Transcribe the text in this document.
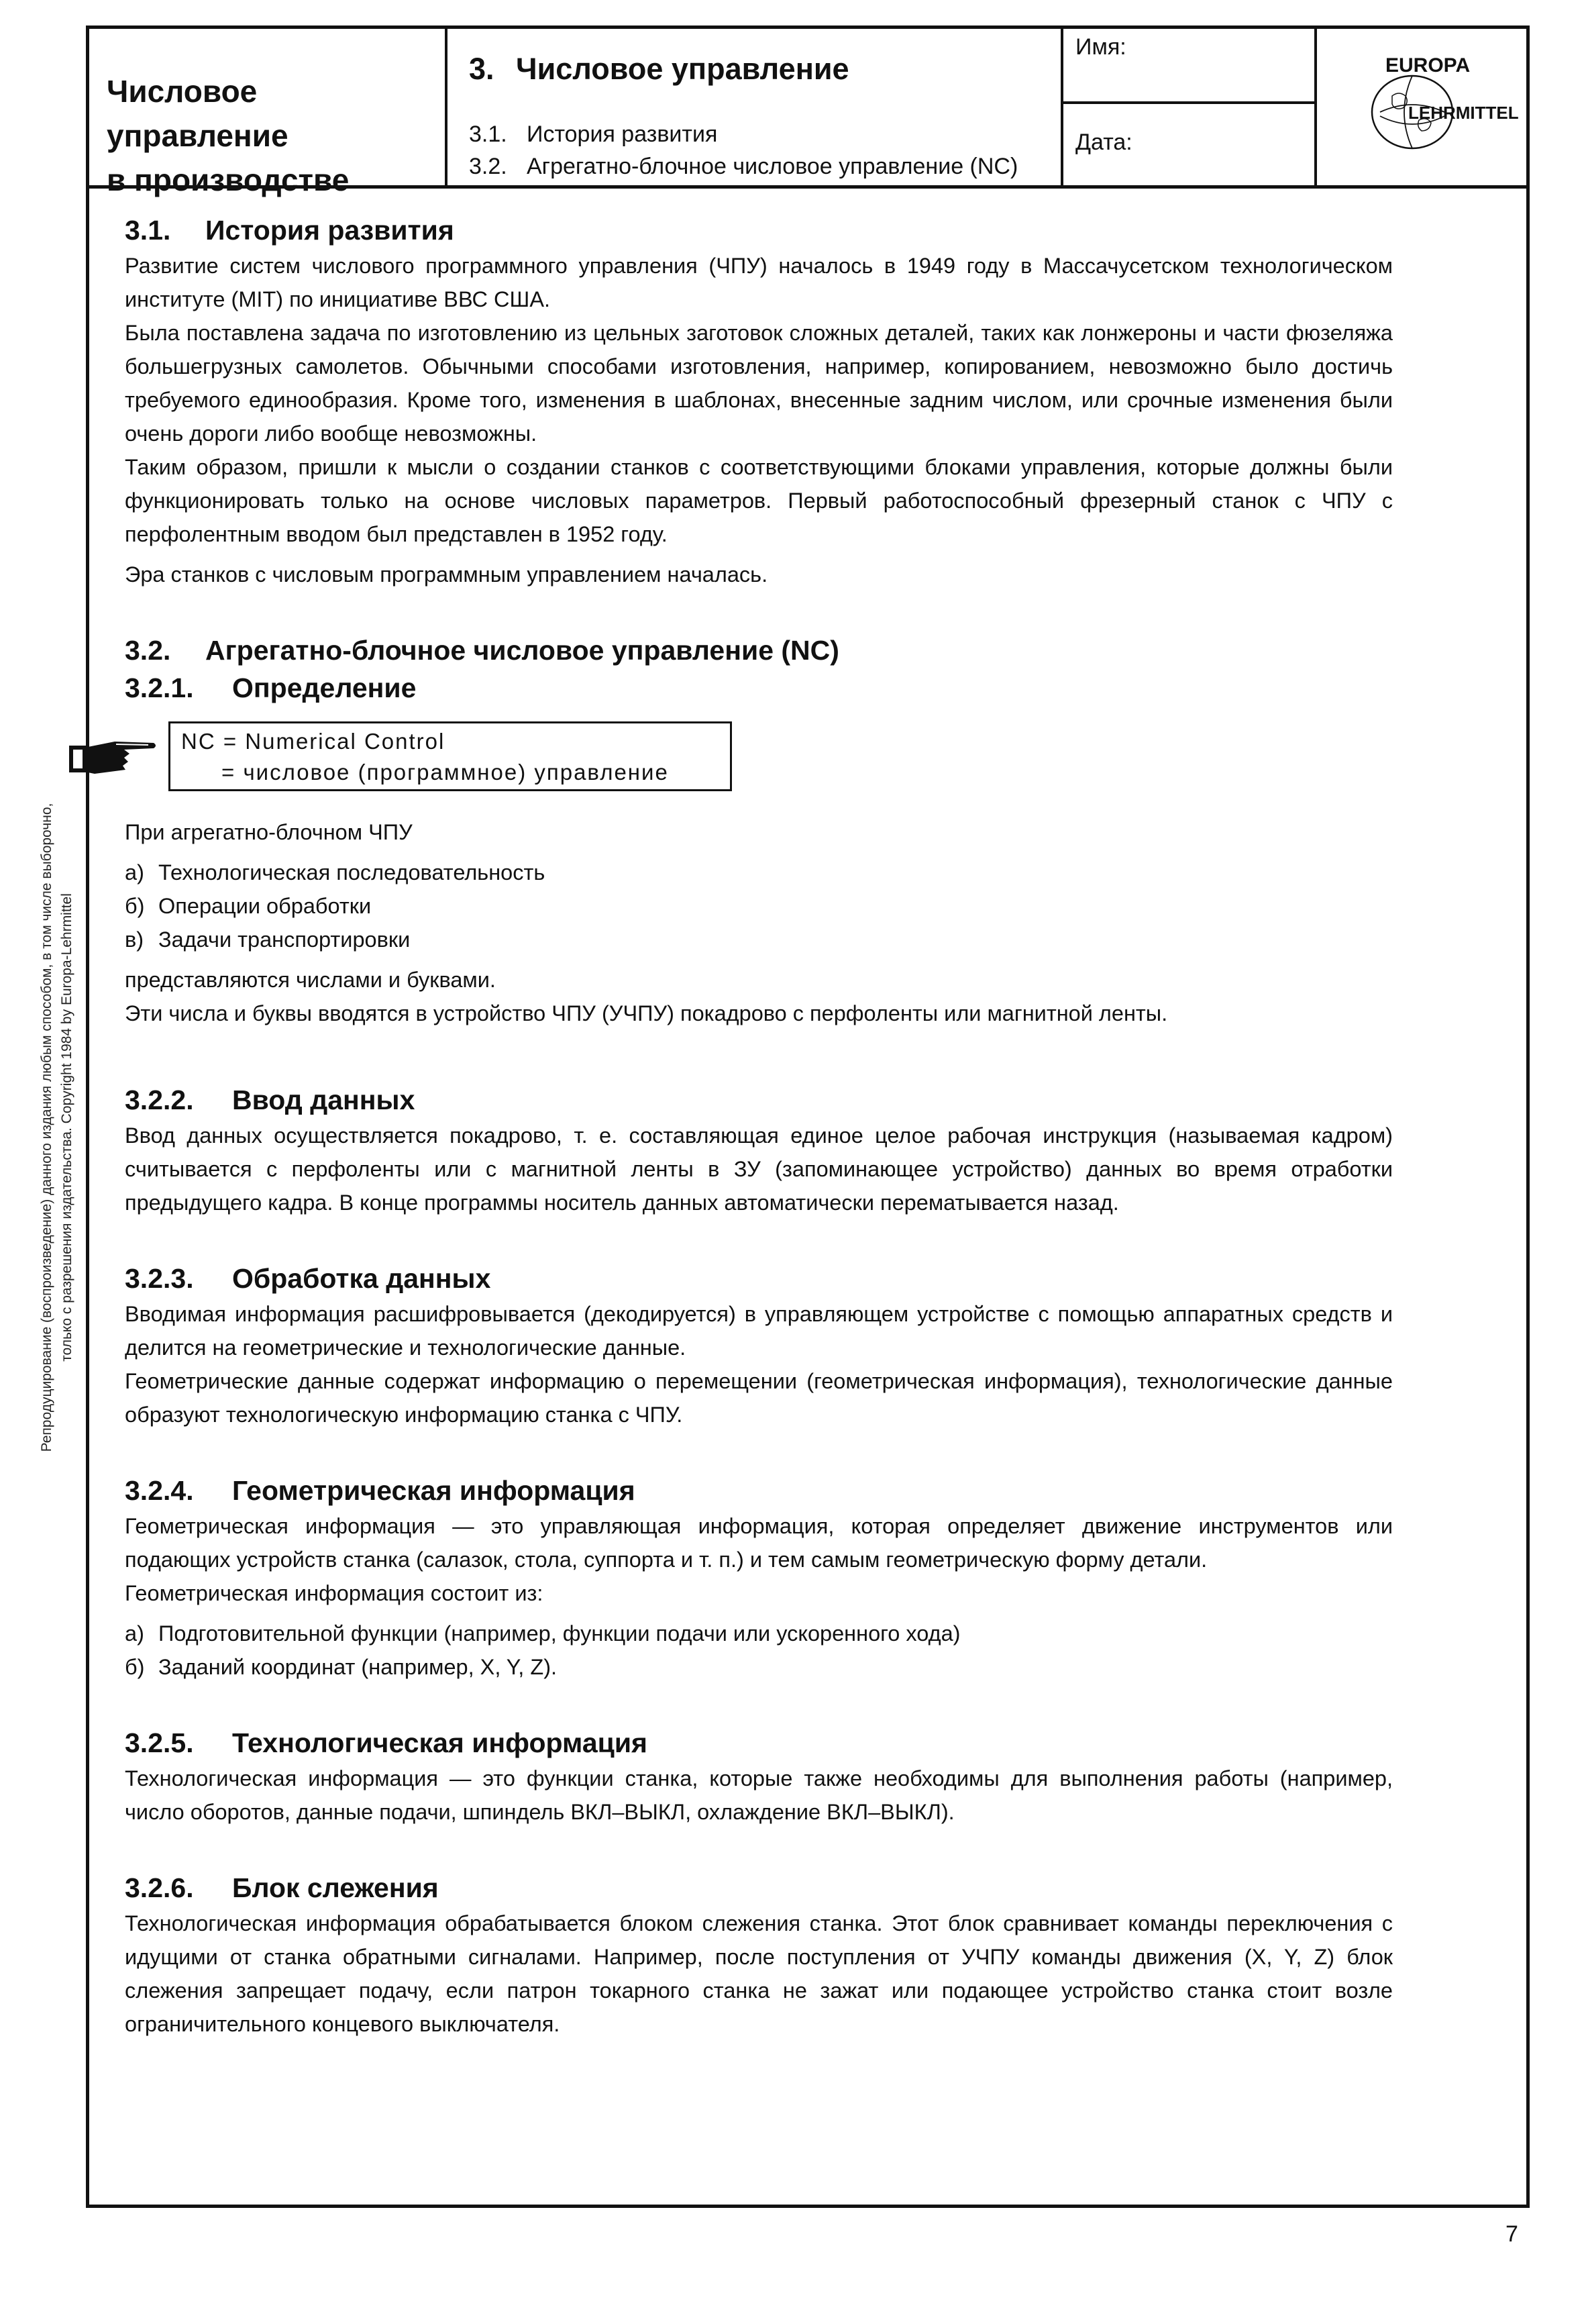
Числовое управление
в производстве
3. Числовое управление
3.1. История развития
3.2. Агрегатно-блочное числовое управление (NC)
Имя:
Дата:
EUROPA
LEHRMITTEL
3.1. История развития

Развитие систем числового программного управления (ЧПУ) началось в 1949 году в Массачусетском технологическом институте (MIT) по инициативе ВВС США.

Была поставлена задача по изготовлению из цельных заготовок сложных деталей, таких как лонжероны и части фюзеляжа большегрузных самолетов. Обычными способами изготовления, например, копированием, невозможно было достичь требуемого единообразия. Кроме того, изменения в шаблонах, внесенные задним числом, или срочные изменения были очень дороги либо вообще невозможны.

Таким образом, пришли к мысли о создании станков с соответствующими блоками управления, которые должны были функционировать только на основе числовых параметров. Первый работоспособный фрезерный станок с ЧПУ с перфолентным вводом был представлен в 1952 году.

Эра станков с числовым программным управлением началась.

3.2. Агрегатно-блочное числовое управление (NC)
3.2.1. Определение
NC = Numerical Control
= числовое (программное) управление

При агрегатно-блочном ЧПУ

а) Технологическая последовательность
б) Операции обработки
в) Задачи транспортировки

представляются числами и буквами.

Эти числа и буквы вводятся в устройство ЧПУ (УЧПУ) покадрово с перфоленты или магнитной ленты.

3.2.2. Ввод данных

Ввод данных осуществляется покадрово, т. е. составляющая единое целое рабочая инструкция (называемая кадром) считывается с перфоленты или с магнитной ленты в ЗУ (запоминающее устройство) данных во время отработки предыдущего кадра. В конце программы носитель данных автоматически перематывается назад.

3.2.3. Обработка данных

Вводимая информация расшифровывается (декодируется) в управляющем устройстве с помощью аппаратных средств и делится на геометрические и технологические данные.

Геометрические данные содержат информацию о перемещении (геометрическая информация), технологические данные образуют технологическую информацию станка с ЧПУ.

3.2.4. Геометрическая информация

Геометрическая информация — это управляющая информация, которая определяет движение инструментов или подающих устройств станка (салазок, стола, суппорта и т. п.) и тем самым геометрическую форму детали.

Геометрическая информация состоит из:

а) Подготовительной функции (например, функции подачи или ускоренного хода)
б) Заданий координат (например, X, Y, Z).
3.2.5. Технологическая информация

Технологическая информация — это функции станка, которые также необходимы для выполнения работы (например, число оборотов, данные подачи, шпиндель ВКЛ–ВЫКЛ, охлаждение ВКЛ–ВЫКЛ).

3.2.6. Блок слежения

Технологическая информация обрабатывается блоком слежения станка. Этот блок сравнивает команды переключения с идущими от станка обратными сигналами. Например, после поступления от УЧПУ команды движения (X, Y, Z) блок слежения запрещает подачу, если патрон токарного станка не зажат или подающее устройство станка стоит возле ограничительного концевого выключателя.

Репродуцирование (воспроизведение) данного издания любым способом, в том числе выборочно, только с разрешения издательства. Copyright 1984 by Europa-Lehrmittel
7
